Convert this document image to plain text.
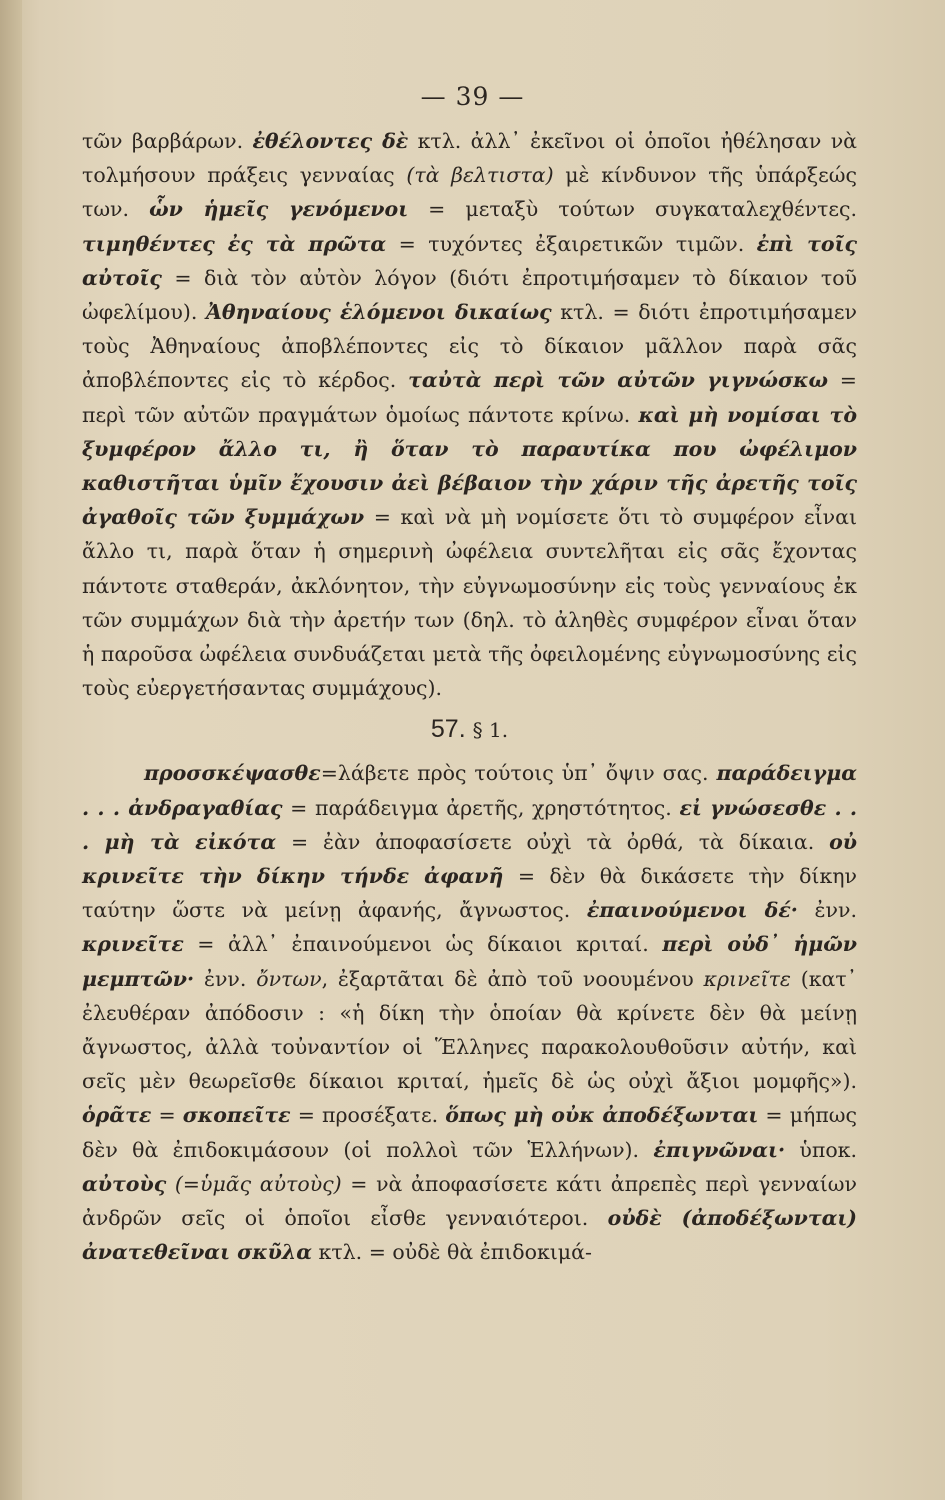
— 39 —

τῶν βαρβάρων. ἐθέλοντες δὲ κτλ. ἀλλ᾽ ἐκεῖνοι οἱ ὁποῖοι ἠθέλησαν νὰ τολμήσουν πράξεις γενναίας (τὰ βελτιστα) μὲ κίνδυνον τῆς ὑπάρξεώς των. ὧν ἡμεῖς γενόμενοι = μεταξὺ τούτων συγκαταλεχθέντες. τιμηθέντες ἐς τὰ πρῶτα = τυχόντες ἐξαιρετικῶν τιμῶν. ἐπὶ τοῖς αὐτοῖς = διὰ τὸν αὐτὸν λόγον (διότι ἐπροτιμήσαμεν τὸ δίκαιον τοῦ ὠφελίμου). Ἀθηναίους ἑλόμενοι δικαίως κτλ. = διότι ἐπροτιμήσαμεν τοὺς Ἀθηναίους ἀποβλέποντες εἰς τὸ δίκαιον μᾶλλον παρὰ σᾶς ἀποβλέποντες εἰς τὸ κέρδος. ταὐτὰ περὶ τῶν αὐτῶν γιγνώσκω = περὶ τῶν αὐτῶν πραγμάτων ὁμοίως πάντοτε κρίνω. καὶ μὴ νομίσαι τὸ ξυμφέρον ἄλλο τι, ἢ ὅταν τὸ παραυτίκα που ὠφέλιμον καθιστῆται ὑμῖν ἔχουσιν ἀεὶ βέβαιον τὴν χάριν τῆς ἀρετῆς τοῖς ἀγαθοῖς τῶν ξυμμάχων = καὶ νὰ μὴ νομίσετε ὅτι τὸ συμφέρον εἶναι ἄλλο τι, παρὰ ὅταν ἡ σημερινὴ ὠφέλεια συντελῆται εἰς σᾶς ἔχοντας πάντοτε σταθεράν, ἀκλόνητον, τὴν εὐγνωμοσύνην εἰς τοὺς γενναίους ἐκ τῶν συμμάχων διὰ τὴν ἀρετήν των (δηλ. τὸ ἀληθὲς συμφέρον εἶναι ὅταν ἡ παροῦσα ὠφέλεια συνδυάζεται μετὰ τῆς ὀφειλομένης εὐγνωμοσύνης εἰς τοὺς εὐεργετήσαντας συμμάχους).

57. § 1.

προσσκέψασθε=λάβετε πρὸς τούτοις ὑπ᾽ ὄψιν σας. παράδειγμα . . . ἀνδραγαθίας = παράδειγμα ἀρετῆς, χρηστότητος. εἰ γνώσεσθε . . . μὴ τὰ εἰκότα = ἐὰν ἀποφασίσετε οὐχὶ τὰ ὀρθά, τὰ δίκαια. οὐ κρινεῖτε τὴν δίκην τήνδε ἀφανῆ = δὲν θὰ δικάσετε τὴν δίκην ταύτην ὥστε νὰ μείνῃ ἀφανής, ἄγνωστος. ἐπαινούμενοι δέ· ἐνν. κρινεῖτε = ἀλλ᾽ ἐπαινούμενοι ὡς δίκαιοι κριταί. περὶ οὐδ᾽ ἡμῶν μεμπτῶν· ἐνν. ὄντων, ἐξαρτᾶται δὲ ἀπὸ τοῦ νοουμένου κρινεῖτε (κατ᾽ ἐλευθέραν ἀπόδοσιν : «ἡ δίκη τὴν ὁποίαν θὰ κρίνετε δὲν θὰ μείνῃ ἄγνωστος, ἀλλὰ τοὐναντίον οἱ Ἕλληνες παρακολουθοῦσιν αὐτήν, καὶ σεῖς μὲν θεωρεῖσθε δίκαιοι κριταί, ἡμεῖς δὲ ὡς οὐχὶ ἄξιοι μομφῆς»). ὁρᾶτε = σκοπεῖτε = προσέξατε. ὅπως μὴ οὐκ ἀποδέξωνται = μήπως δὲν θὰ ἐπιδοκιμάσουν (οἱ πολλοὶ τῶν Ἑλλήνων). ἐπιγνῶναι· ὑποκ. αὐτοὺς (=ὑμᾶς αὐτοὺς) = νὰ ἀποφασίσετε κάτι ἀπρεπὲς περὶ γενναίων ἀνδρῶν σεῖς οἱ ὁποῖοι εἶσθε γενναιότεροι. οὐδὲ (ἀποδέξωνται) ἀνατεθεῖναι σκῦλα κτλ. = οὐδὲ θὰ ἐπιδοκιμά-
